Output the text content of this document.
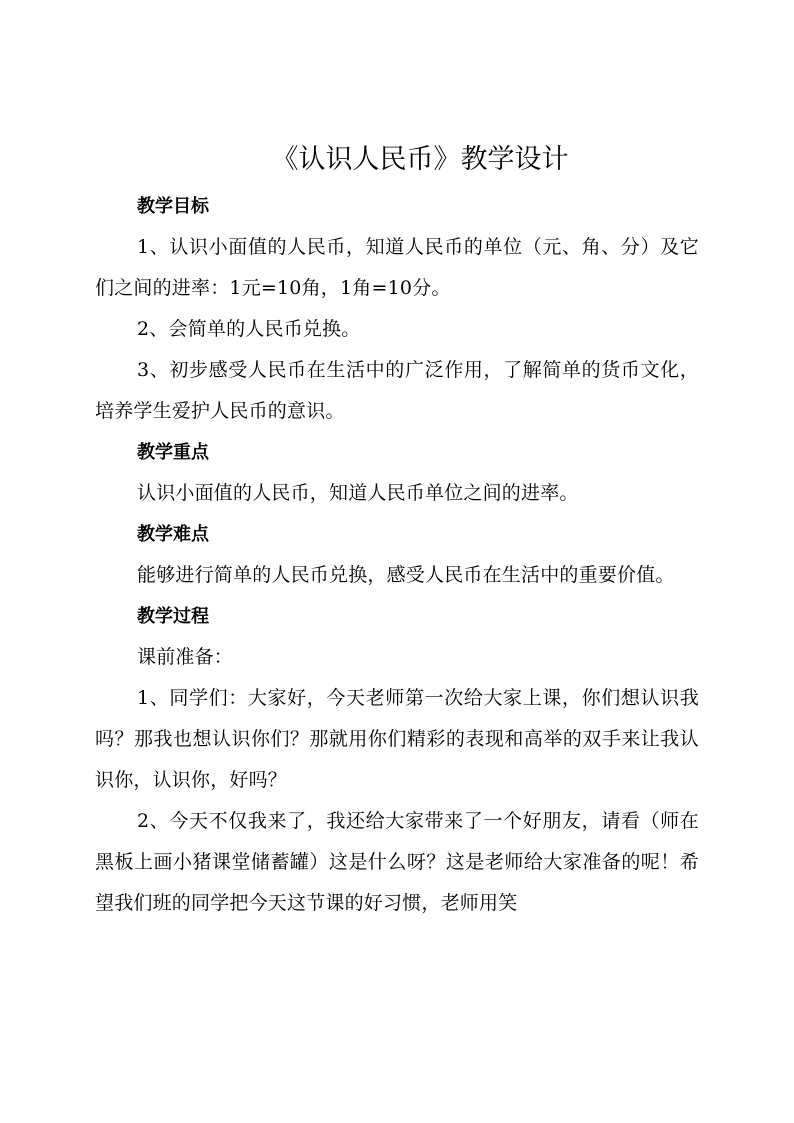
《认识人民币》教学设计
教学目标

1、认识小面值的人民币，知道人民币的单位（元、角、分）及它们之间的进率：1元=10角，1角=10分。

2、会简单的人民币兑换。

3、初步感受人民币在生活中的广泛作用，了解简单的货币文化，培养学生爱护人民币的意识。

教学重点

认识小面值的人民币，知道人民币单位之间的进率。

教学难点

能够进行简单的人民币兑换，感受人民币在生活中的重要价值。

教学过程

课前准备：

1、同学们：大家好，今天老师第一次给大家上课，你们想认识我吗？那我也想认识你们？那就用你们精彩的表现和高举的双手来让我认识你，认识你，好吗？

2、今天不仅我来了，我还给大家带来了一个好朋友，请看（师在黑板上画小猪课堂储蓄罐）这是什么呀？这是老师给大家准备的呢！希望我们班的同学把今天这节课的好习惯，老师用笑
